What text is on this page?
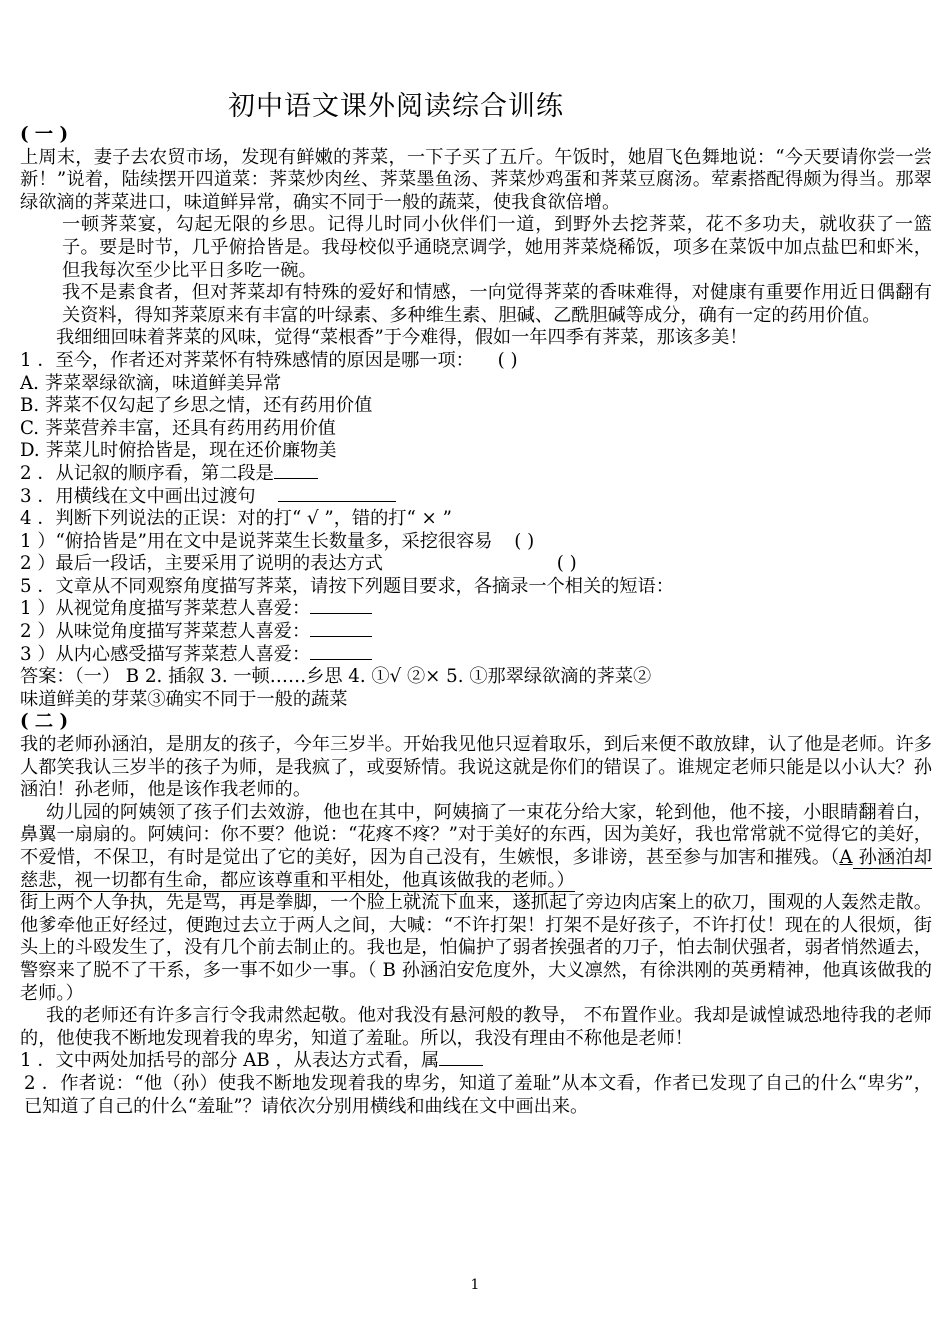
初中语文课外阅读综合训练

( 一 )

上周末，妻子去农贸市场，发现有鲜嫩的荠菜，一下子买了五斤。午饭时，她眉飞色舞地说：“今天要请你尝一尝新！”说着，陆续摆开四道菜：荠菜炒肉丝、荠菜墨鱼汤、荠菜炒鸡蛋和荠菜豆腐汤。荤素搭配得颇为得当。那翠绿欲滴的荠菜进口，味道鲜异常，确实不同于一般的蔬菜，使我食欲倍增。

一顿荠菜宴，勾起无限的乡思。记得儿时同小伙伴们一道，到野外去挖荠菜，花不多功夫，就收获了一篮子。要是时节，几乎俯拾皆是。我母校似乎通晓烹调学，她用荠菜烧稀饭，项多在菜饭中加点盐巴和虾米，但我每次至少比平日多吃一碗。

我不是素食者，但对荠菜却有特殊的爱好和情感，一向觉得荠菜的香味难得，对健康有重要作用近日偶翻有关资料，得知荠菜原来有丰富的叶绿素、多种维生素、胆碱、乙酰胆碱等成分，确有一定的药用价值。

我细细回味着荠菜的风味，觉得“菜根香”于今难得，假如一年四季有荠菜，那该多美！

1 ．至今，作者还对荠菜怀有特殊感情的原因是哪一项： ( )

A. 荠菜翠绿欲滴，味道鲜美异常

B. 荠菜不仅勾起了乡思之情，还有药用价值

C. 荠菜营养丰富，还具有药用药用价值

D. 荠菜儿时俯拾皆是，现在还价廉物美

2 ．从记叙的顺序看，第二段是

3 ．用横线在文中画出过渡句

4 ．判断下列说法的正误：对的打“ √ ”，错的打“ × ”

1 ）“俯拾皆是”用在文中是说荠菜生长数量多，采挖很容易 ( )

2 ）最后一段话，主要采用了说明的表达方式	( )

5 ．文章从不同观察角度描写荠菜，请按下列题目要求，各摘录一个相关的短语：

1 ）从视觉角度描写荠菜惹人喜爱：

2 ）从味觉角度描写荠菜惹人喜爱：

3 ）从内心感受描写荠菜惹人喜爱：

答案：（一） B 2. 插叙 3. 一顿……乡思 4. ①√ ②× 5. ①那翠绿欲滴的荠菜②

味道鲜美的芽菜③确实不同于一般的蔬菜

( 二 )

我的老师孙涵泊，是朋友的孩子，今年三岁半。开始我见他只逗着取乐，到后来便不敢放肆，认了他是老师。许多人都笑我认三岁半的孩子为师，是我疯了，或耍矫情。我说这就是你们的错误了。谁规定老师只能是以小认大？孙涵泊！孙老师，他是该作我老师的。

幼儿园的阿姨领了孩子们去效游，他也在其中，阿姨摘了一束花分给大家，轮到他，他不接，小眼睛翻着白，鼻翼一扇扇的。阿姨问：你不要？他说：“花疼不疼？”对于美好的东西，因为美好，我也常常就不觉得它的美好，不爱惜，不保卫，有时是觉出了它的美好，因为自己没有，生嫉恨，多诽谤，甚至参与加害和摧残。（A 孙涵泊却慈悲，视一切都有生命，都应该尊重和平相处，他真该做我的老师。）

街上两个人争执，先是骂，再是拳脚，一个脸上就流下血来，遂抓起了旁边肉店案上的砍刀，围观的人轰然走散。他爹牵他正好经过，便跑过去立于两人之间，大喊：“不许打架！打架不是好孩子，不许打仗！现在的人很烦，街头上的斗殴发生了，没有几个前去制止的。我也是，怕偏护了弱者挨强者的刀子，怕去制伏强者，弱者悄然遁去，警察来了脱不了干系，多一事不如少一事。（ B 孙涵泊安危度外，大义凛然，有徐洪刚的英勇精神，他真该做我的老师。）

我的老师还有许多言行令我肃然起敬。他对我没有悬河般的教导， 不布置作业。我却是诚惶诚恐地待我的老师的，他使我不断地发现着我的卑劣，知道了羞耻。所以，我没有理由不称他是老师！

1 ．文中两处加括号的部分 AB ，从表达方式看，属

2 ．作者说：“他（孙）使我不断地发现着我的卑劣，知道了羞耻”从本文看，作者已发现了自己的什么“卑劣”，已知道了自己的什么“羞耻”？请依次分别用横线和曲线在文中画出来。

1
